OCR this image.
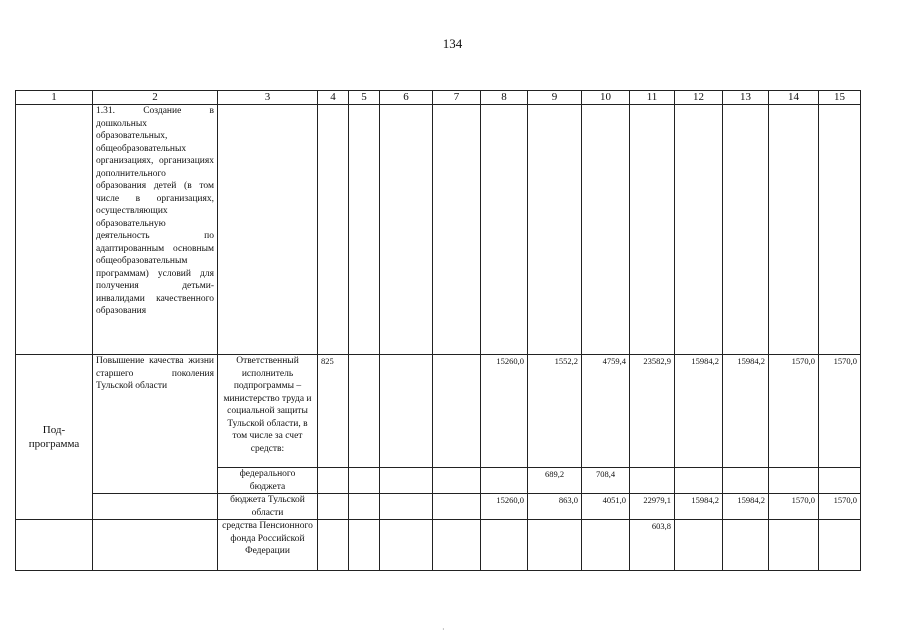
134
1	2	3	4	5	6	7	8	9	10	11	12	13	14	15
	1.31. Создание в дошкольных образовательных, общеобразовательных организациях, организациях дополнительного образования детей (в том числе в организациях, осуществляющих образовательную деятельность по адаптированным основным общеобразовательным программам) условий для получения детьми-инвалидами качественного образования													
Под-
программа	Повышение качества жизни старшего поколения Тульской области	Ответственный исполнитель подпрограммы – министерство труда и социальной защиты Тульской области, в том числе за счет средств:	825				15260,0	1552,2	4759,4	23582,9	15984,2	15984,2	1570,0	1570,0
		федерального бюджета						689,2	708,4					
		бюджета Тульской области					15260,0	863,0	4051,0	22979,1	15984,2	15984,2	1570,0	1570,0
		средства Пенсионного фонда Российской Федерации								603,8				
·
